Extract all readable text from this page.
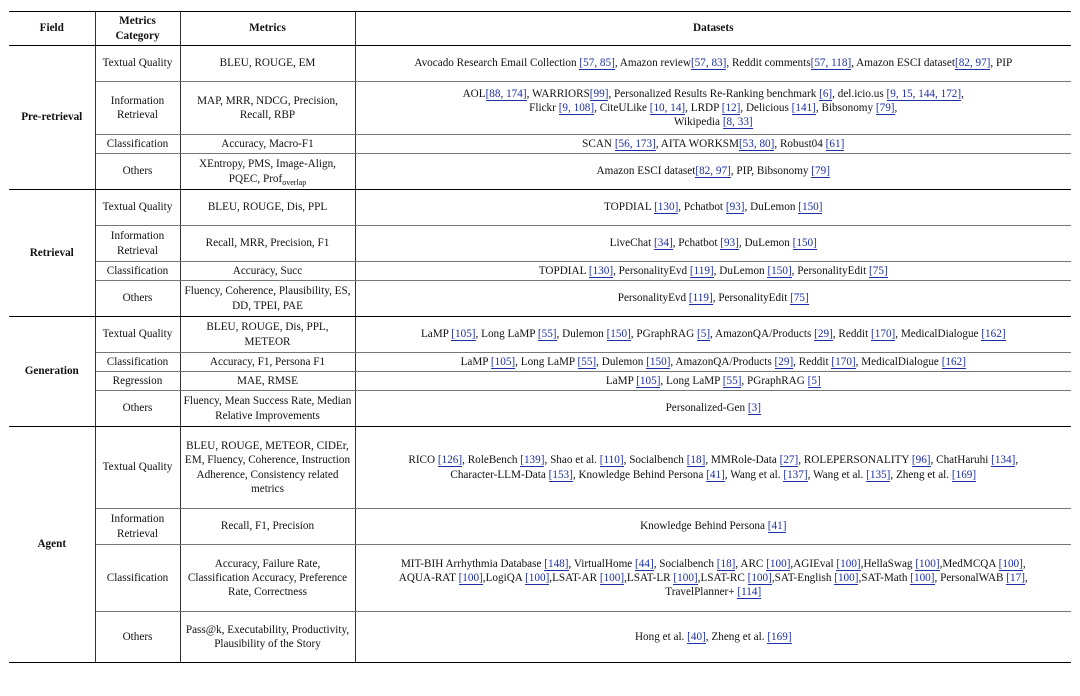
Field	Metrics Category	Metrics	Datasets
Pre-retrieval	Textual Quality	BLEU, ROUGE, EM	Avocado Research Email Collection [57, 85], Amazon review[57, 83], Reddit comments[57, 118], Amazon ESCI dataset[82, 97], PIP
	Information Retrieval	MAP, MRR, NDCG, Precision, Recall, RBP	AOL[88, 174], WARRIORS[99], Personalized Results Re-Ranking benchmark [6], del.icio.us [9, 15, 144, 172],
Flickr [9, 108], CiteULike [10, 14], LRDP [12], Delicious [141], Bibsonomy [79],
Wikipedia [8, 33]
	Classification	Accuracy, Macro-F1	SCAN [56, 173], AITA WORKSM[53, 80], Robust04 [61]
	Others	XEntropy, PMS, Image-Align, PQEC, Prof$_{overlap}$	Amazon ESCI dataset[82, 97], PIP, Bibsonomy [79]
Retrieval	Textual Quality	BLEU, ROUGE, Dis, PPL	TOPDIAL [130], Pchatbot [93], DuLemon [150]
	Information Retrieval	Recall, MRR, Precision, F1	LiveChat [34], Pchatbot [93], DuLemon [150]
	Classification	Accuracy, Succ	TOPDIAL [130], PersonalityEvd [119], DuLemon [150], PersonalityEdit [75]
	Others	Fluency, Coherence, Plausibility, ES, DD, TPEI, PAE	PersonalityEvd [119], PersonalityEdit [75]
Generation	Textual Quality	BLEU, ROUGE, Dis, PPL, METEOR	LaMP [105], Long LaMP [55], Dulemon [150], PGraphRAG [5], AmazonQA/Products [29], Reddit [170], MedicalDialogue [162]
	Classification	Accuracy, F1, Persona F1	LaMP [105], Long LaMP [55], Dulemon [150], AmazonQA/Products [29], Reddit [170], MedicalDialogue [162]
	Regression	MAE, RMSE	LaMP [105], Long LaMP [55], PGraphRAG [5]
	Others	Fluency, Mean Success Rate, Median Relative Improvements	Personalized-Gen [3]
Agent	Textual Quality	BLEU, ROUGE, METEOR, CIDEr, EM, Fluency, Coherence, Instruction Adherence, Consistency related metrics	RICO [126], RoleBench [139], Shao et al. [110], Socialbench [18], MMRole-Data [27], ROLEPERSONALITY [96], ChatHaruhi [134],
Character-LLM-Data [153], Knowledge Behind Persona [41], Wang et al. [137], Wang et al. [135], Zheng et al. [169]
	Information Retrieval	Recall, F1, Precision	Knowledge Behind Persona [41]
	Classification	Accuracy, Failure Rate, Classification Accuracy, Preference Rate, Correctness	MIT-BIH Arrhythmia Database [148], VirtualHome [44], Socialbench [18], ARC [100],AGIEval [100],HellaSwag [100],MedMCQA [100],
AQUA-RAT [100],LogiQA [100],LSAT-AR [100],LSAT-LR [100],LSAT-RC [100],SAT-English [100],SAT-Math [100], PersonalWAB [17],
TravelPlanner+ [114]
	Others	Pass@k, Executability, Productivity, Plausibility of the Story	Hong et al. [40], Zheng et al. [169]
